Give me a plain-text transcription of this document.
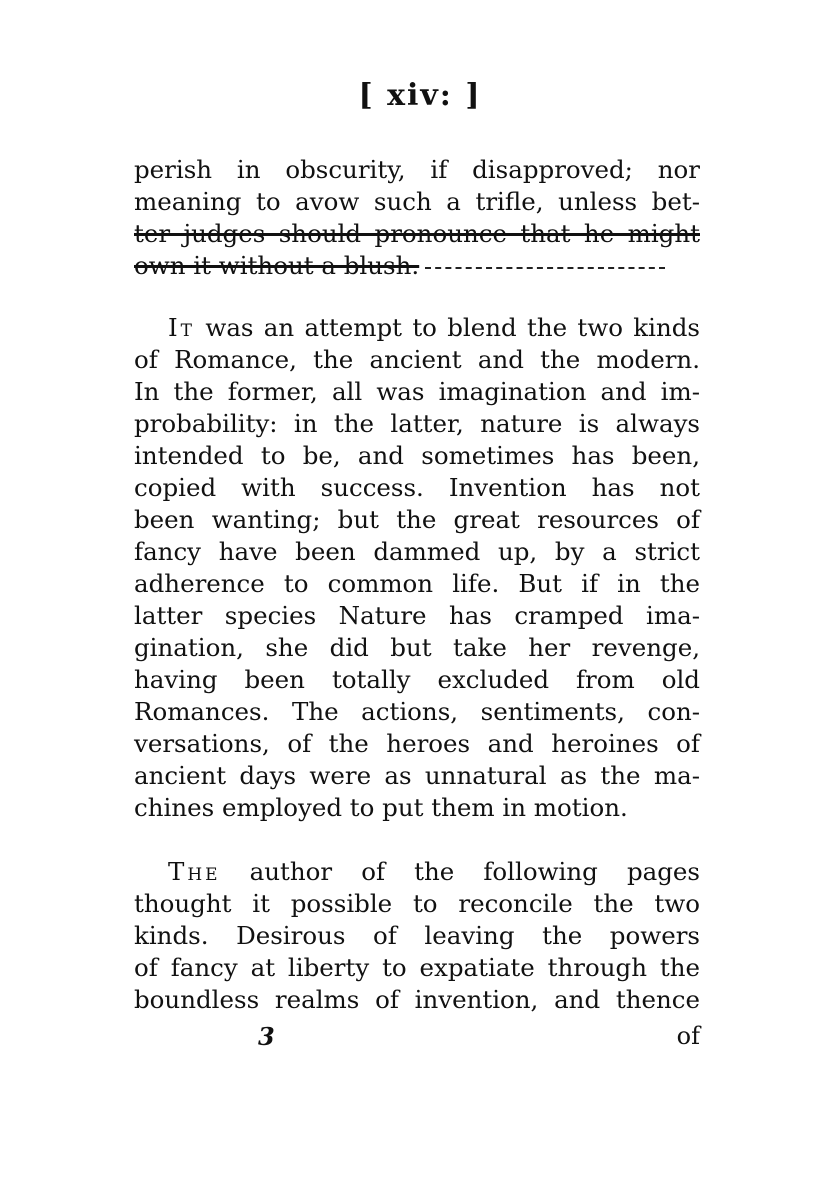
[ xiv: ]
perish in obscurity, if disapproved; nor
meaning to avow such a trifle, unless bet-
ter judges should pronounce that he might
own it without a blush.
It was an attempt to blend the two kinds
of Romance, the ancient and the modern.
In the former, all was imagination and im-
probability: in the latter, nature is always
intended to be, and sometimes has been,
copied with success. Invention has not
been wanting; but the great resources of
fancy have been dammed up, by a strict
adherence to common life. But if in the
latter species Nature has cramped ima-
gination, she did but take her revenge,
having been totally excluded from old
Romances. The actions, sentiments, con-
versations, of the heroes and heroines of
ancient days were as unnatural as the ma-
chines employed to put them in motion.
The author of the following pages
thought it possible to reconcile the two
kinds. Desirous of leaving the powers
of fancy at liberty to expatiate through the
boundless realms of invention, and thence
3	of
